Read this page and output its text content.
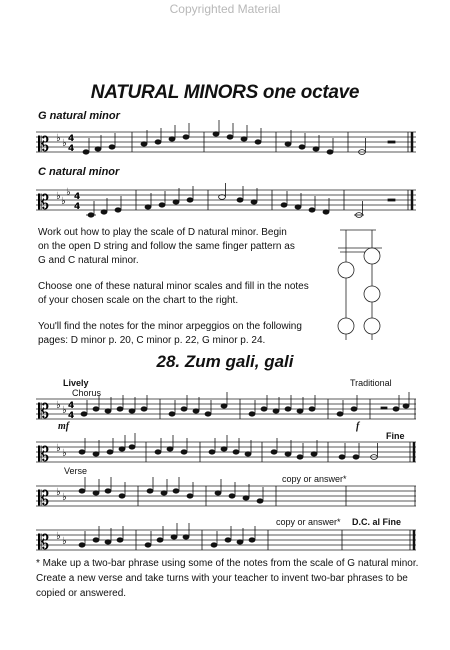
Copyrighted Material
NATURAL MINORS one octave
G natural minor
C natural minor
𝄡 ♭ ♭ 4
4
𝄡 ♭ ♭
♭ 4
4
Work out how to play the scale of D natural minor. Begin
on the open D string and follow the same finger pattern as
G and C natural minor.
Choose one of these natural minor scales and fill in the notes
of your chosen scale on the chart to the right.
You'll find the notes for the minor arpeggios on the following
pages: D minor p. 20, C minor p. 22, G minor p. 24.
28. Zum gali, gali
Lively	Traditional
Chorus
𝄡 ♭ ♭ 4
4
mf	f
𝄡 ♭ ♭
Fine
Verse
copy or answer*
𝄡 ♭ ♭
copy or answer* D.C. al Fine
𝄡 ♭ ♭
* Make up a two-bar phrase using some of the notes from the scale of G natural minor.
Create a new verse and take turns with your teacher to invent two-bar phrases to be
copied or answered.
